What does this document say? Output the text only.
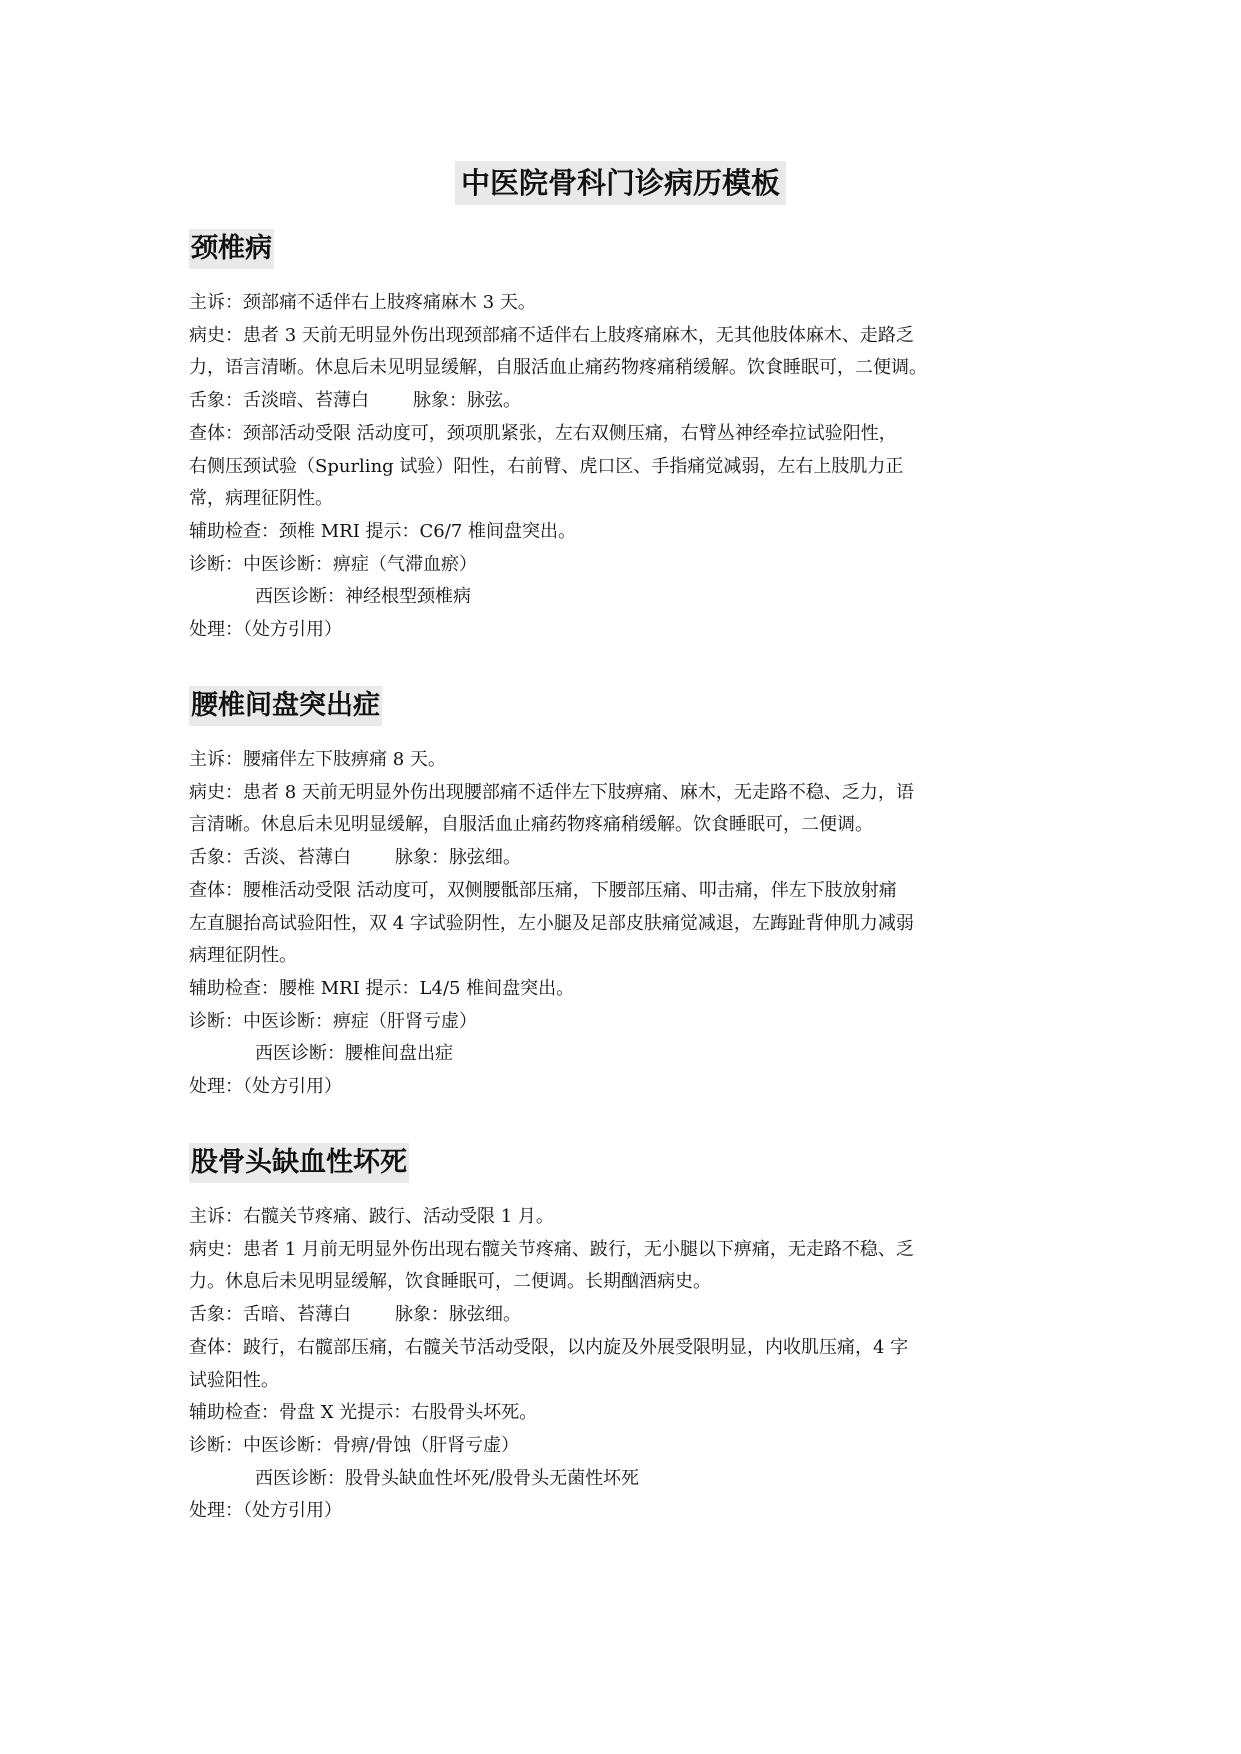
中医院骨科门诊病历模板
颈椎病
主诉：颈部痛不适伴右上肢疼痛麻木 3 天。
病史：患者 3 天前无明显外伤出现颈部痛不适伴右上肢疼痛麻木，无其他肢体麻木、走路乏
力，语言清晰。休息后未见明显缓解，自服活血止痛药物疼痛稍缓解。饮食睡眠可，二便调。
舌象：舌淡暗、苔薄白 脉象：脉弦。
查体：颈部活动受限 活动度可，颈项肌紧张，左右双侧压痛，右臂丛神经牵拉试验阳性，
右侧压颈试验（Spurling 试验）阳性，右前臂、虎口区、手指痛觉减弱，左右上肢肌力正
常，病理征阴性。
辅助检查：颈椎 MRI 提示：C6/7 椎间盘突出。
诊断：中医诊断：痹症（气滞血瘀）
西医诊断：神经根型颈椎病
处理：（处方引用）
腰椎间盘突出症
主诉：腰痛伴左下肢痹痛 8 天。
病史：患者 8 天前无明显外伤出现腰部痛不适伴左下肢痹痛、麻木，无走路不稳、乏力，语
言清晰。休息后未见明显缓解，自服活血止痛药物疼痛稍缓解。饮食睡眠可，二便调。
舌象：舌淡、苔薄白 脉象：脉弦细。
查体：腰椎活动受限 活动度可，双侧腰骶部压痛，下腰部压痛、叩击痛，伴左下肢放射痛
左直腿抬高试验阳性，双 4 字试验阴性，左小腿及足部皮肤痛觉减退，左踇趾背伸肌力减弱
病理征阴性。
辅助检查：腰椎 MRI 提示：L4/5 椎间盘突出。
诊断：中医诊断：痹症（肝肾亏虚）
西医诊断：腰椎间盘出症
处理：（处方引用）
股骨头缺血性坏死
主诉：右髋关节疼痛、跛行、活动受限 1 月。
病史：患者 1 月前无明显外伤出现右髋关节疼痛、跛行，无小腿以下痹痛，无走路不稳、乏
力。休息后未见明显缓解，饮食睡眠可，二便调。长期酗酒病史。
舌象：舌暗、苔薄白 脉象：脉弦细。
查体：跛行，右髋部压痛，右髋关节活动受限，以内旋及外展受限明显，内收肌压痛，4 字
试验阳性。
辅助检查：骨盘 X 光提示：右股骨头坏死。
诊断：中医诊断：骨痹/骨蚀（肝肾亏虚）
西医诊断：股骨头缺血性坏死/股骨头无菌性坏死
处理：（处方引用）
